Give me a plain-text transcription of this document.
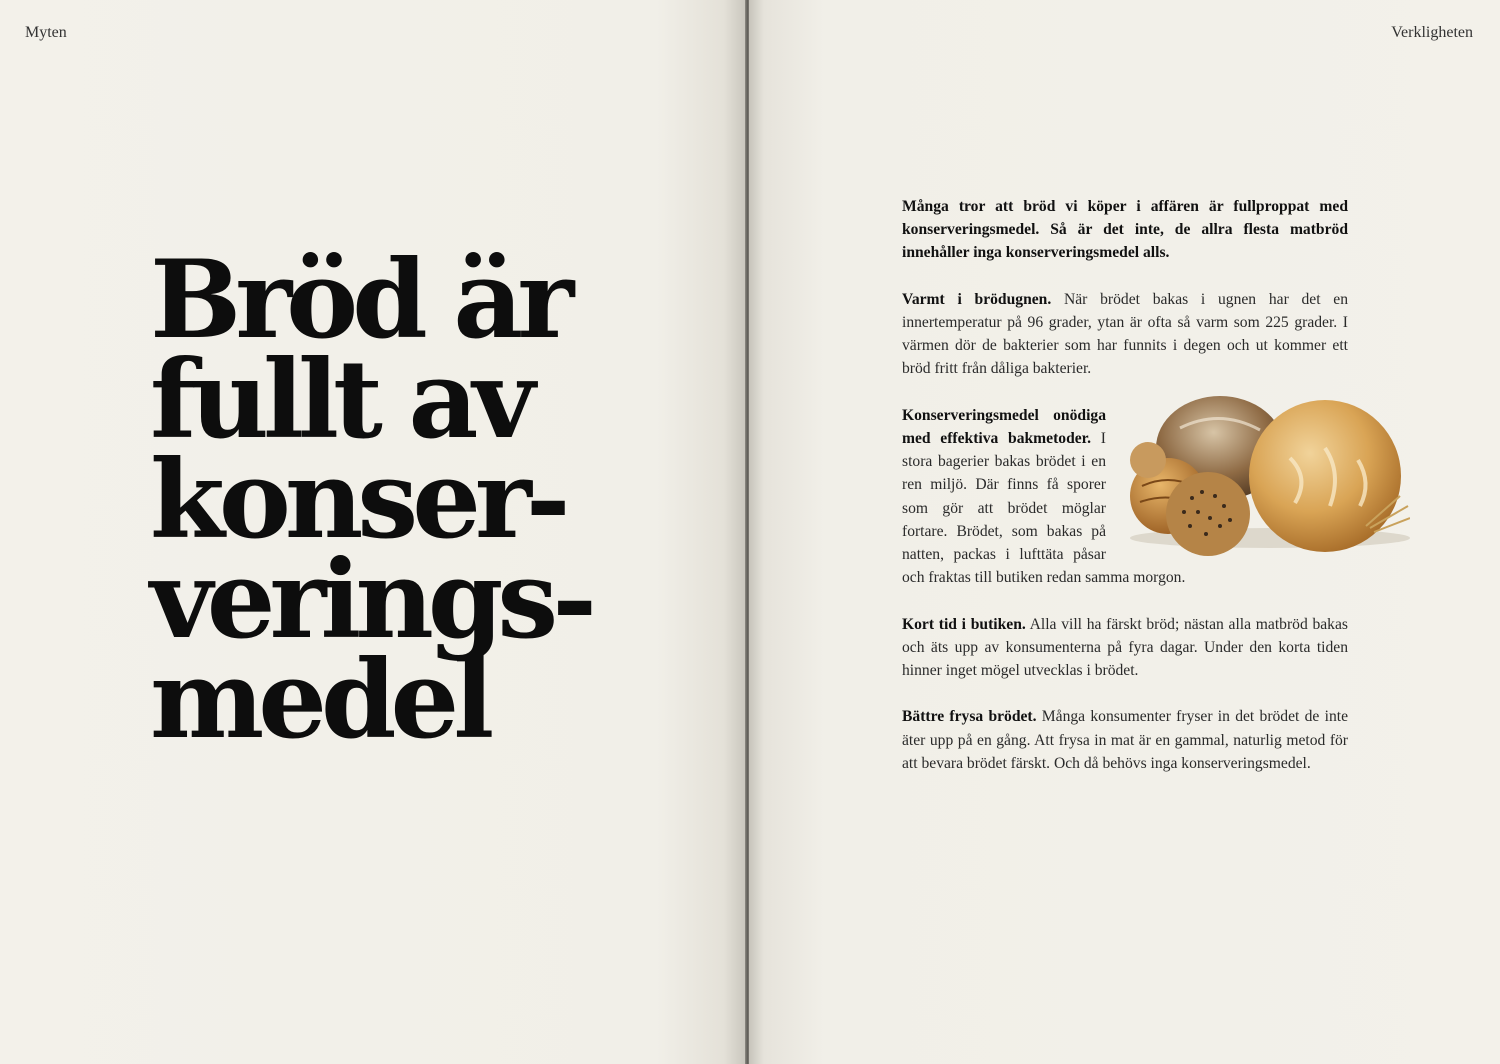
Myten
Bröd är
fullt av
konser-
verings-
medel
Verkligheten

Många tror att bröd vi köper i affären är fullproppat med konserveringsmedel. Så är det inte, de allra flesta matbröd innehåller inga konserveringsmedel alls.

Varmt i brödugnen. När brödet bakas i ugnen har det en innertemperatur på 96 grader, ytan är ofta så varm som 225 grader. I värmen dör de bakterier som har funnits i degen och ut kommer ett bröd fritt från dåliga bakterier.

Konserveringsmedel onödiga med effektiva bakmetoder. I stora bagerier bakas brödet i en ren miljö. Där finns få sporer som gör att brödet möglar fortare. Brödet, som bakas på natten, packas i lufttäta påsar och fraktas till butiken redan samma morgon.

Kort tid i butiken. Alla vill ha färskt bröd; nästan alla matbröd bakas och äts upp av konsumenterna på fyra dagar. Under den korta tiden hinner inget mögel utvecklas i brödet.

Bättre frysa brödet. Många konsumenter fryser in det brödet de inte äter upp på en gång. Att frysa in mat är en gammal, naturlig metod för att bevara brödet färskt. Och då behövs inga konserveringsmedel.
